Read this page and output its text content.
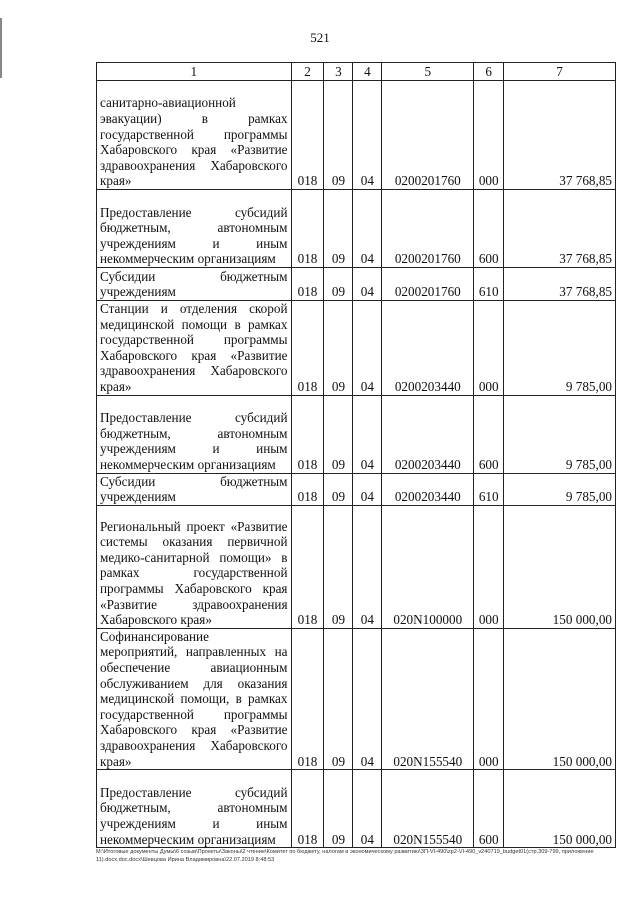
521
1	2	3	4	5	6	7
санитарно-авиационной эвакуации) в рамках государственной программы Хабаровского края «Развитие здравоохранения Хабаровского края»	018	09	04	0200201760	000	37 768,85
Предоставление субсидий бюджетным, автономным учреждениям и иным некоммерческим организациям	018	09	04	0200201760	600	37 768,85
Субсидии бюджетным учреждениям	018	09	04	0200201760	610	37 768,85
Станции и отделения скорой медицинской помощи в рамках государственной программы Хабаровского края «Развитие здравоохранения Хабаровского края»	018	09	04	0200203440	000	9 785,00
Предоставление субсидий бюджетным, автономным учреждениям и иным некоммерческим организациям	018	09	04	0200203440	600	9 785,00
Субсидии бюджетным учреждениям	018	09	04	0200203440	610	9 785,00
Региональный проект «Развитие системы оказания первичной медико-санитарной помощи» в рамках государственной программы Хабаровского края «Развитие здравоохранения Хабаровского края»	018	09	04	020N100000	000	150 000,00
Софинансирование мероприятий, направленных на обеспечение авиационным обслуживанием для оказания медицинской помощи, в рамках государственной программы Хабаровского края «Развитие здравоохранения Хабаровского края»	018	09	04	020N155540	000	150 000,00
Предоставление субсидий бюджетным, автономным учреждениям и иным некоммерческим организациям	018	09	04	020N155540	600	150 000,00
M:\Итоговые документы Думы\6 созыв\Проекты\Законы\2 чтение\Комитет по бюджету, налогам и экономическому развитию\ЗП-VI-490\zp2-VI-490_v240719_budget01(стр.309-799, приложение 11).docx.doc.docx\Шевцова Ирина Владимировна\22.07.2019 8:48:53
